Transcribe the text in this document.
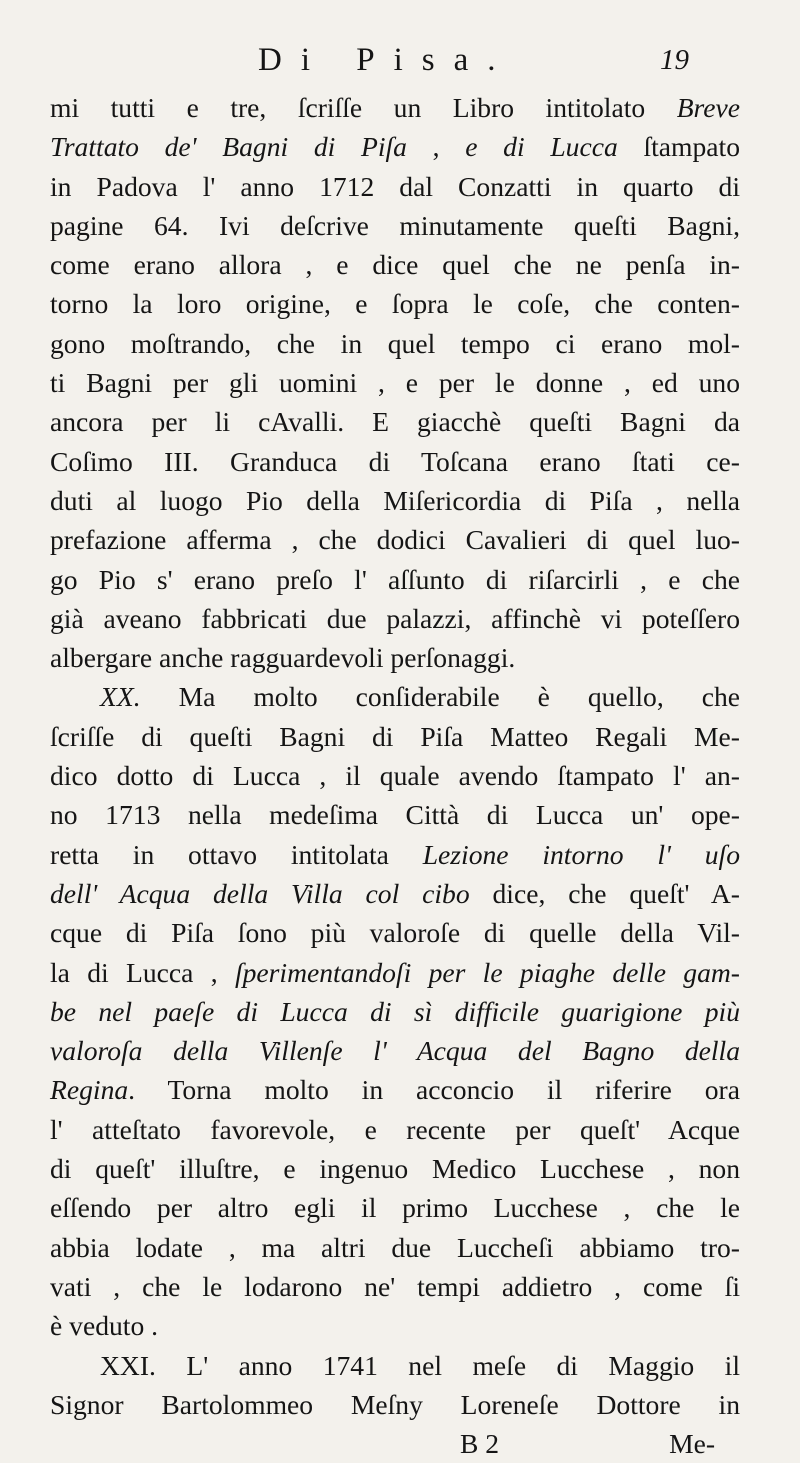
Di Pisa.	19
mi tutti e tre, ſcriſſe un Libro intitolato Breve
Trattato de' Bagni di Piſa , e di Lucca ſtampato
in Padova l' anno 1712 dal Conzatti in quarto di
pagine 64. Ivi deſcrive minutamente queſti Bagni,
come erano allora , e dice quel che ne penſa in-
torno la loro origine, e ſopra le coſe, che conten-
gono moſtrando, che in quel tempo ci erano mol-
ti Bagni per gli uomini , e per le donne , ed uno
ancora per li cAvalli. E giacchè queſti Bagni da
Coſimo III. Granduca di Toſcana erano ſtati ce-
duti al luogo Pio della Miſericordia di Piſa , nella
prefazione afferma , che dodici Cavalieri di quel luo-
go Pio s' erano preſo l' aſſunto di riſarcirli , e che
già aveano fabbricati due palazzi, affinchè vi poteſſero
albergare anche ragguardevoli perſonaggi.
XX. Ma molto conſiderabile è quello, che
ſcriſſe di queſti Bagni di Piſa Matteo Regali Me-
dico dotto di Lucca , il quale avendo ſtampato l' an-
no 1713 nella medeſima Città di Lucca un' ope-
retta in ottavo intitolata Lezione intorno l' uſo
dell' Acqua della Villa col cibo dice, che queſt' A-
cque di Piſa ſono più valoroſe di quelle della Vil-
la di Lucca , ſperimentandoſi per le piaghe delle gam-
be nel paeſe di Lucca di sì difficile guarigione più
valoroſa della Villenſe l' Acqua del Bagno della
Regina. Torna molto in acconcio il riferire ora
l' atteſtato favorevole, e recente per queſt' Acque
di queſt' illuſtre, e ingenuo Medico Lucchese , non
eſſendo per altro egli il primo Lucchese , che le
abbia lodate , ma altri due Luccheſi abbiamo tro-
vati , che le lodarono ne' tempi addietro , come ſi
è veduto .
XXI. L' anno 1741 nel meſe di Maggio il
Signor Bartolommeo Meſny Loreneſe Dottore in
B 2	Me-
